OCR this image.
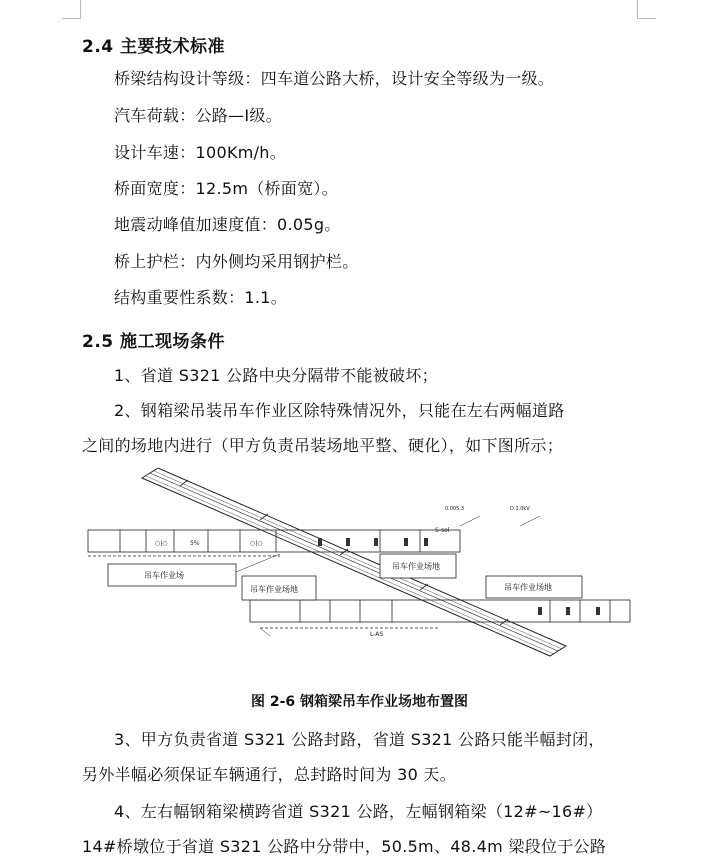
2.4 主要技术标准
桥梁结构设计等级：四车道公路大桥，设计安全等级为一级。
汽车荷载：公路—Ⅰ级。
设计车速：100Km/h。
桥面宽度：12.5m（桥面宽）。
地震动峰值加速度值：0.05g。
桥上护栏：内外侧均采用钢护栏。
结构重要性系数：1.1。
2.5 施工现场条件
1、省道 S321 公路中央分隔带不能被破坏；
2、钢箱梁吊装吊车作业区除特殊情况外，只能在左右两幅道路
之间的场地内进行（甲方负责吊装场地平整、硬化），如下图所示；
○|○	5%	○|○
L-AS
S-sol
0.005.3	D.1.0kV
吊车作业场
吊车作业场地
吊车作业场地
吊车作业场地
图 2-6 钢箱梁吊车作业场地布置图
3、甲方负责省道 S321 公路封路，省道 S321 公路只能半幅封闭，
另外半幅必须保证车辆通行，总封路时间为 30 天。
4、左右幅钢箱梁横跨省道 S321 公路，左幅钢箱梁（12#~16#）
14#桥墩位于省道 S321 公路中分带中，50.5m、48.4m 梁段位于公路
